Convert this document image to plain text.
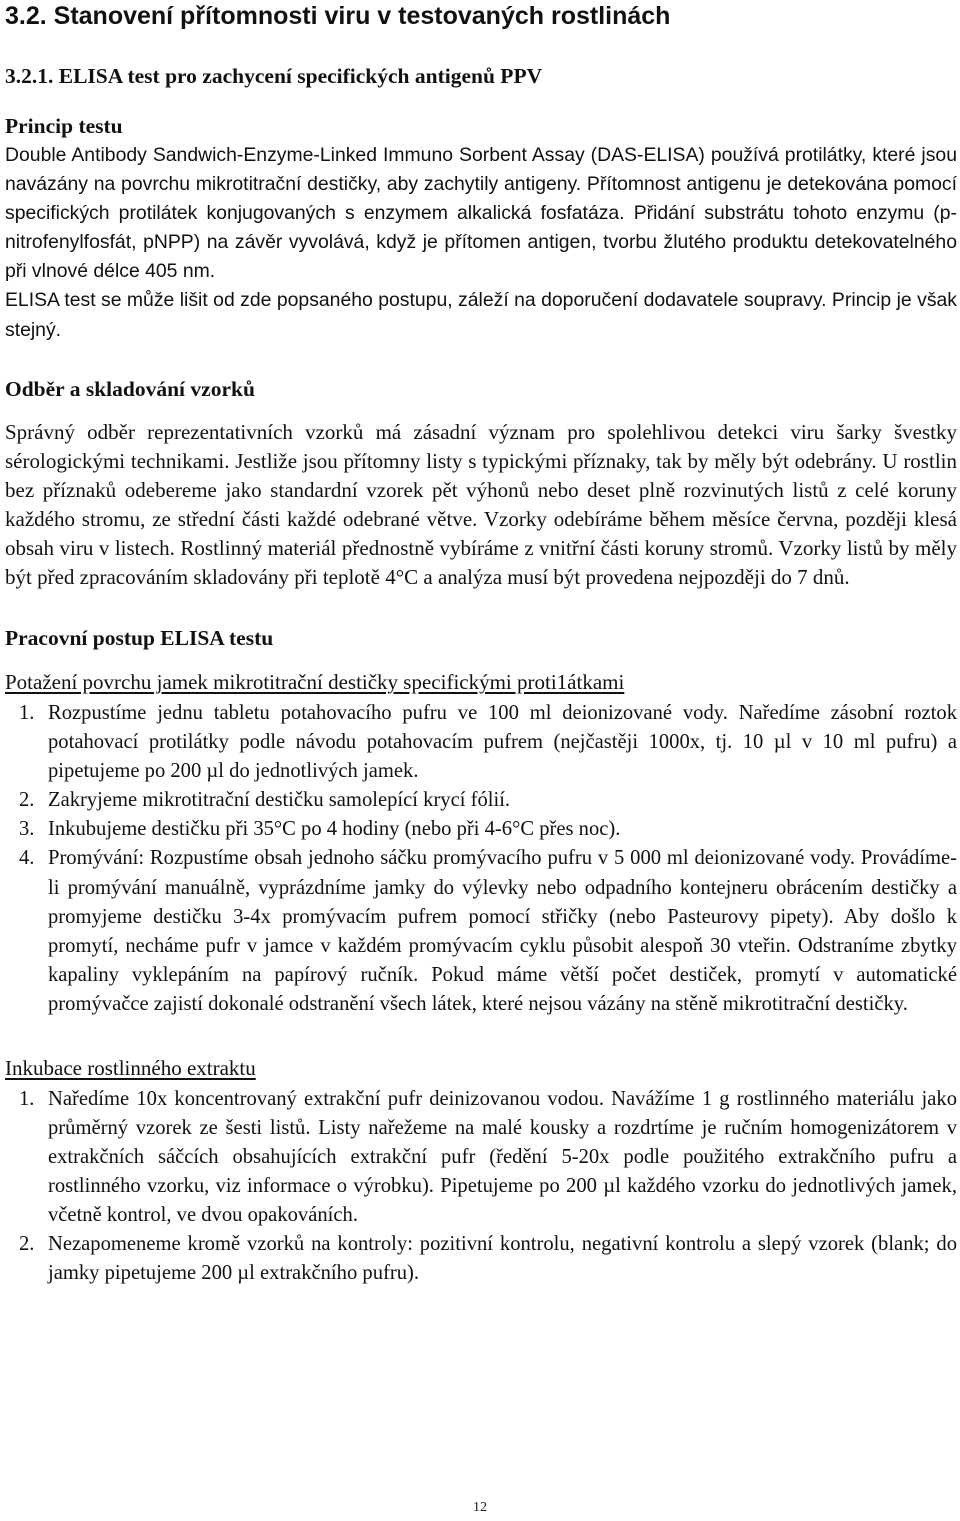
3.2. Stanovení přítomnosti viru v testovaných rostlinách
3.2.1. ELISA test pro zachycení specifických antigenů PPV
Princip testu

Double Antibody Sandwich-Enzyme-Linked Immuno Sorbent Assay (DAS-ELISA) používá protilátky, které jsou navázány na povrchu mikrotitrační destičky, aby zachytily antigeny. Přítomnost antigenu je detekována pomocí specifických protilátek konjugovaných s enzymem alkalická fosfatáza. Přidání substrátu tohoto enzymu (p-nitrofenylfosfát, pNPP) na závěr vyvolává, když je přítomen antigen, tvorbu žlutého produktu detekovatelného při vlnové délce 405 nm.

ELISA test se může lišit od zde popsaného postupu, záleží na doporučení dodavatele soupravy. Princip je však stejný.

Odběr a skladování vzorků

Správný odběr reprezentativních vzorků má zásadní význam pro spolehlivou detekci viru šarky švestky sérologickými technikami. Jestliže jsou přítomny listy s typickými příznaky, tak by měly být odebrány. U rostlin bez příznaků odebereme jako standardní vzorek pět výhonů nebo deset plně rozvinutých listů z celé koruny každého stromu, ze střední části každé odebrané větve. Vzorky odebíráme během měsíce června, později klesá obsah viru v listech. Rostlinný materiál přednostně vybíráme z vnitřní části koruny stromů. Vzorky listů by měly být před zpracováním skladovány při teplotě 4°C a analýza musí být provedena nejpozději do 7 dnů.

Pracovní postup ELISA testu
Potažení povrchu jamek mikrotitrační destičky specifickými proti1átkami
1. Rozpustíme jednu tabletu potahovacího pufru ve 100 ml deionizované vody. Naředíme zásobní roztok potahovací protilátky podle návodu potahovacím pufrem (nejčastěji 1000x, tj. 10 µl v 10 ml pufru) a pipetujeme po 200 µl do jednotlivých jamek.
2. Zakryjeme mikrotitrační destičku samolepící krycí fólií.
3. Inkubujeme destičku při 35°C po 4 hodiny (nebo při 4-6°C přes noc).
4. Promývání: Rozpustíme obsah jednoho sáčku promývacího pufru v 5 000 ml deionizované vody. Provádíme-li promývání manuálně, vyprázdníme jamky do výlevky nebo odpadního kontejneru obrácením destičky a promyjeme destičku 3-4x promývacím pufrem pomocí střičky (nebo Pasteurovy pipety). Aby došlo k promytí, necháme pufr v jamce v každém promývacím cyklu působit alespoň 30 vteřin. Odstraníme zbytky kapaliny vyklepáním na papírový ručník. Pokud máme větší počet destiček, promytí v automatické promývačce zajistí dokonalé odstranění všech látek, které nejsou vázány na stěně mikrotitrační destičky.
Inkubace rostlinného extraktu
1. Naředíme 10x koncentrovaný extrakční pufr deinizovanou vodou. Navážíme 1 g rostlinného materiálu jako průměrný vzorek ze šesti listů. Listy nařežeme na malé kousky a rozdrtíme je ručním homogenizátorem v extrakčních sáčcích obsahujících extrakční pufr (ředění 5-20x podle použitého extrakčního pufru a rostlinného vzorku, viz informace o výrobku). Pipetujeme po 200 µl každého vzorku do jednotlivých jamek, včetně kontrol, ve dvou opakováních.
2. Nezapomeneme kromě vzorků na kontroly: pozitivní kontrolu, negativní kontrolu a slepý vzorek (blank; do jamky pipetujeme 200 µl extrakčního pufru).
12
